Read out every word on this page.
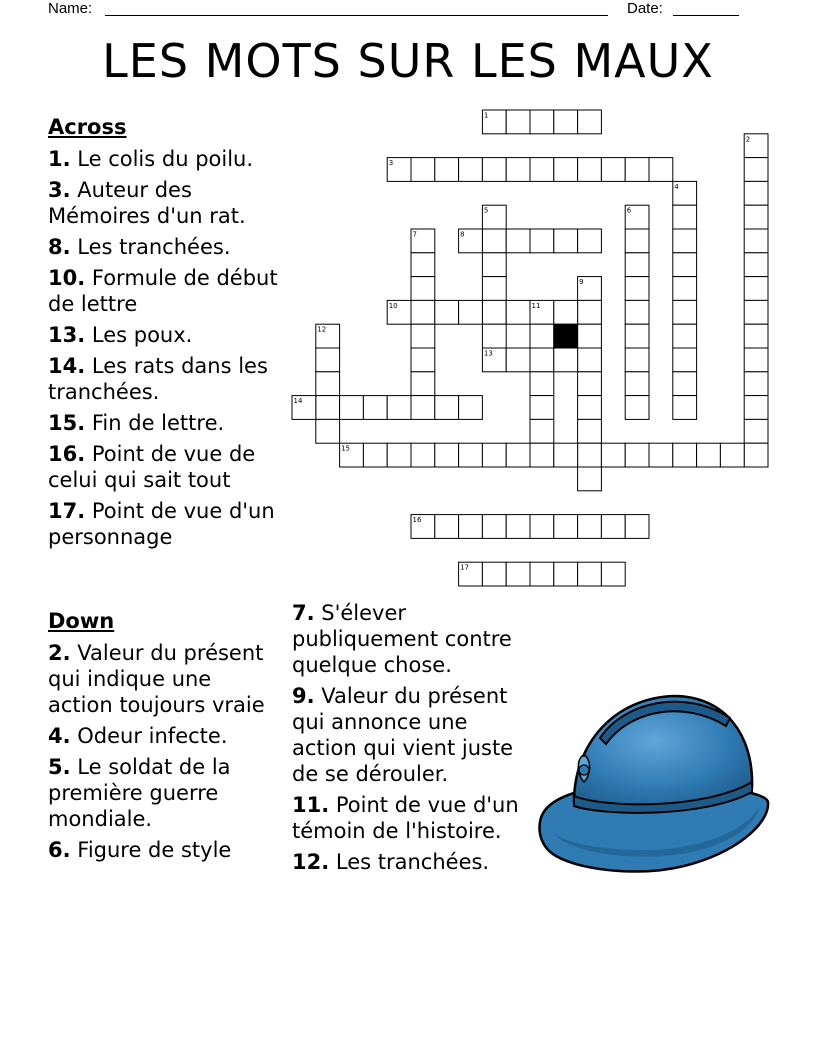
Name:	Date:
LES MOTS SUR LES MAUX
1
2
3
4
5	6
7	8
9
10	11
12
13
14
15
16
17
Across
1. Le colis du poilu.
3. Auteur des Mémoires d'un rat.
8. Les tranchées.
10. Formule de début de lettre
13. Les poux.
14. Les rats dans les tranchées.
15. Fin de lettre.
16. Point de vue de celui qui sait tout
17. Point de vue d'un personnage
Down
2. Valeur du présent qui indique une action toujours vraie
4. Odeur infecte.
5. Le soldat de la première guerre mondiale.
6. Figure de style
7. S'élever publiquement contre quelque chose.
9. Valeur du présent qui annonce une action qui vient juste de se dérouler.
11. Point de vue d'un témoin de l'histoire.
12. Les tranchées.
